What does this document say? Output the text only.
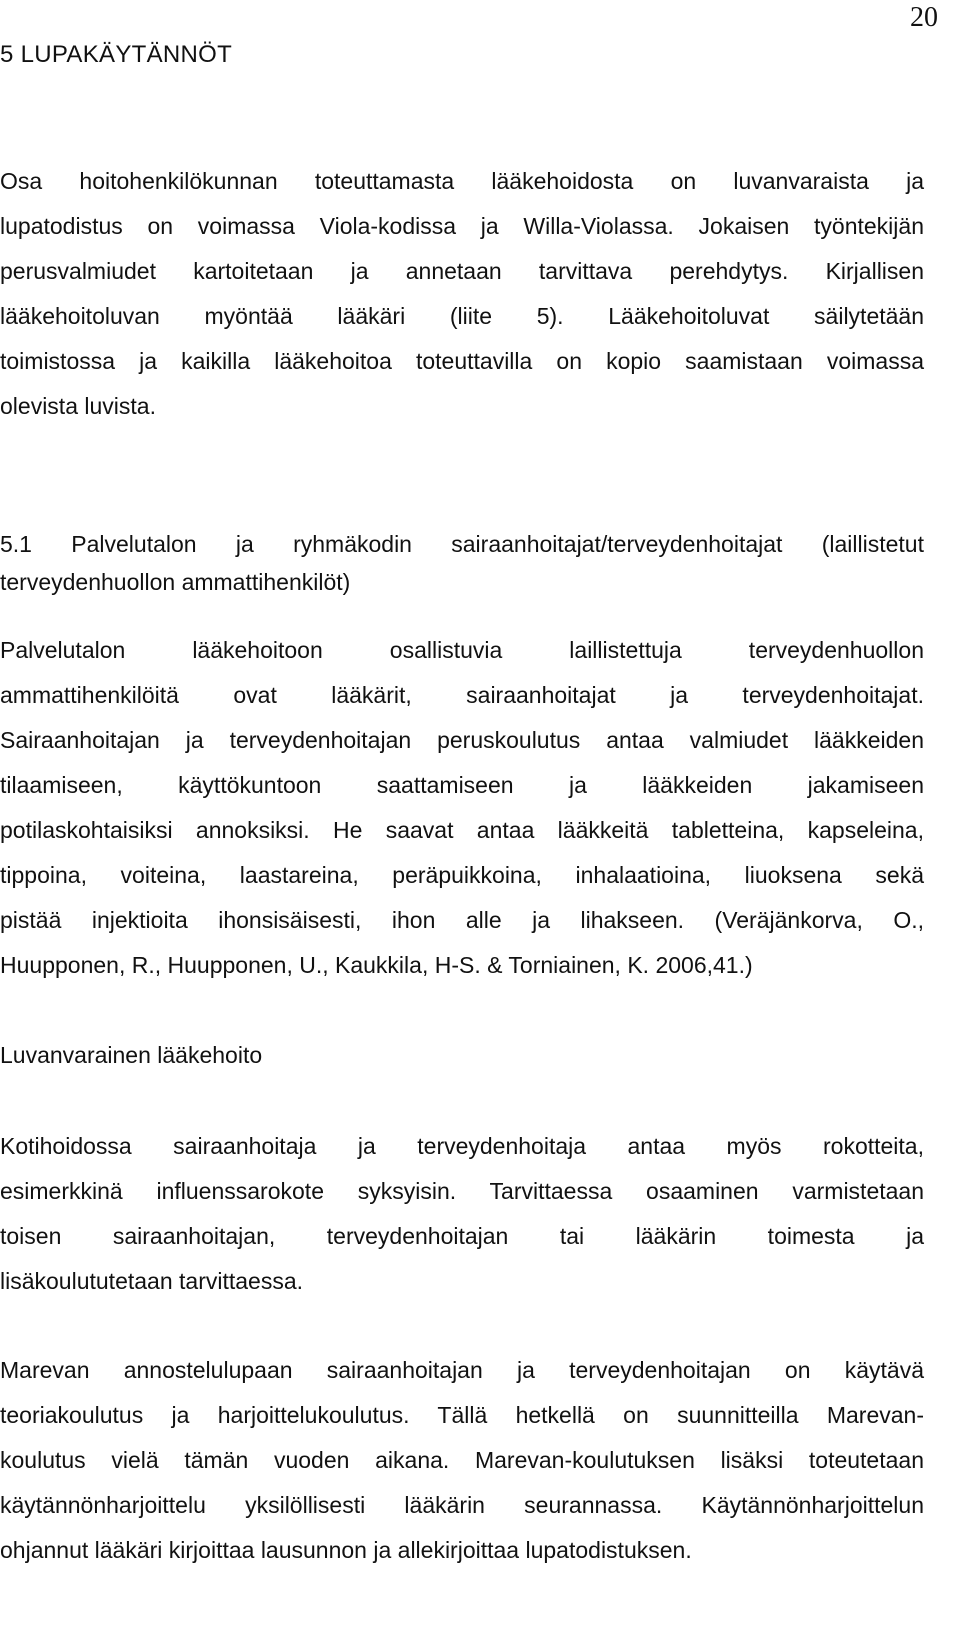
20
5 LUPAKÄYTÄNNÖT
Osa hoitohenkilökunnan toteuttamasta lääkehoidosta on luvanvaraista ja
lupatodistus on voimassa Viola-kodissa ja Willa-Violassa. Jokaisen työntekijän
perusvalmiudet kartoitetaan ja annetaan tarvittava perehdytys. Kirjallisen
lääkehoitoluvan myöntää lääkäri (liite 5). Lääkehoitoluvat säilytetään
toimistossa ja kaikilla lääkehoitoa toteuttavilla on kopio saamistaan voimassa
olevista luvista.
5.1 Palvelutalon ja ryhmäkodin sairaanhoitajat/terveydenhoitajat (laillistetut
terveydenhuollon ammattihenkilöt)
Palvelutalon lääkehoitoon osallistuvia laillistettuja terveydenhuollon
ammattihenkilöitä ovat lääkärit, sairaanhoitajat ja terveydenhoitajat.
Sairaanhoitajan ja terveydenhoitajan peruskoulutus antaa valmiudet lääkkeiden
tilaamiseen, käyttökuntoon saattamiseen ja lääkkeiden jakamiseen
potilaskohtaisiksi annoksiksi. He saavat antaa lääkkeitä tabletteina, kapseleina,
tippoina, voiteina, laastareina, peräpuikkoina, inhalaatioina, liuoksena sekä
pistää injektioita ihonsisäisesti, ihon alle ja lihakseen. (Veräjänkorva, O.,
Huupponen, R., Huupponen, U., Kaukkila, H-S. & Torniainen, K. 2006,41.)
Luvanvarainen lääkehoito
Kotihoidossa sairaanhoitaja ja terveydenhoitaja antaa myös rokotteita,
esimerkkinä influenssarokote syksyisin. Tarvittaessa osaaminen varmistetaan
toisen sairaanhoitajan, terveydenhoitajan tai lääkärin toimesta ja
lisäkoulututetaan tarvittaessa.
Marevan annostelulupaan sairaanhoitajan ja terveydenhoitajan on käytävä
teoriakoulutus ja harjoittelukoulutus. Tällä hetkellä on suunnitteilla Marevan-
koulutus vielä tämän vuoden aikana. Marevan-koulutuksen lisäksi toteutetaan
käytännönharjoittelu yksilöllisesti lääkärin seurannassa. Käytännönharjoittelun
ohjannut lääkäri kirjoittaa lausunnon ja allekirjoittaa lupatodistuksen.
